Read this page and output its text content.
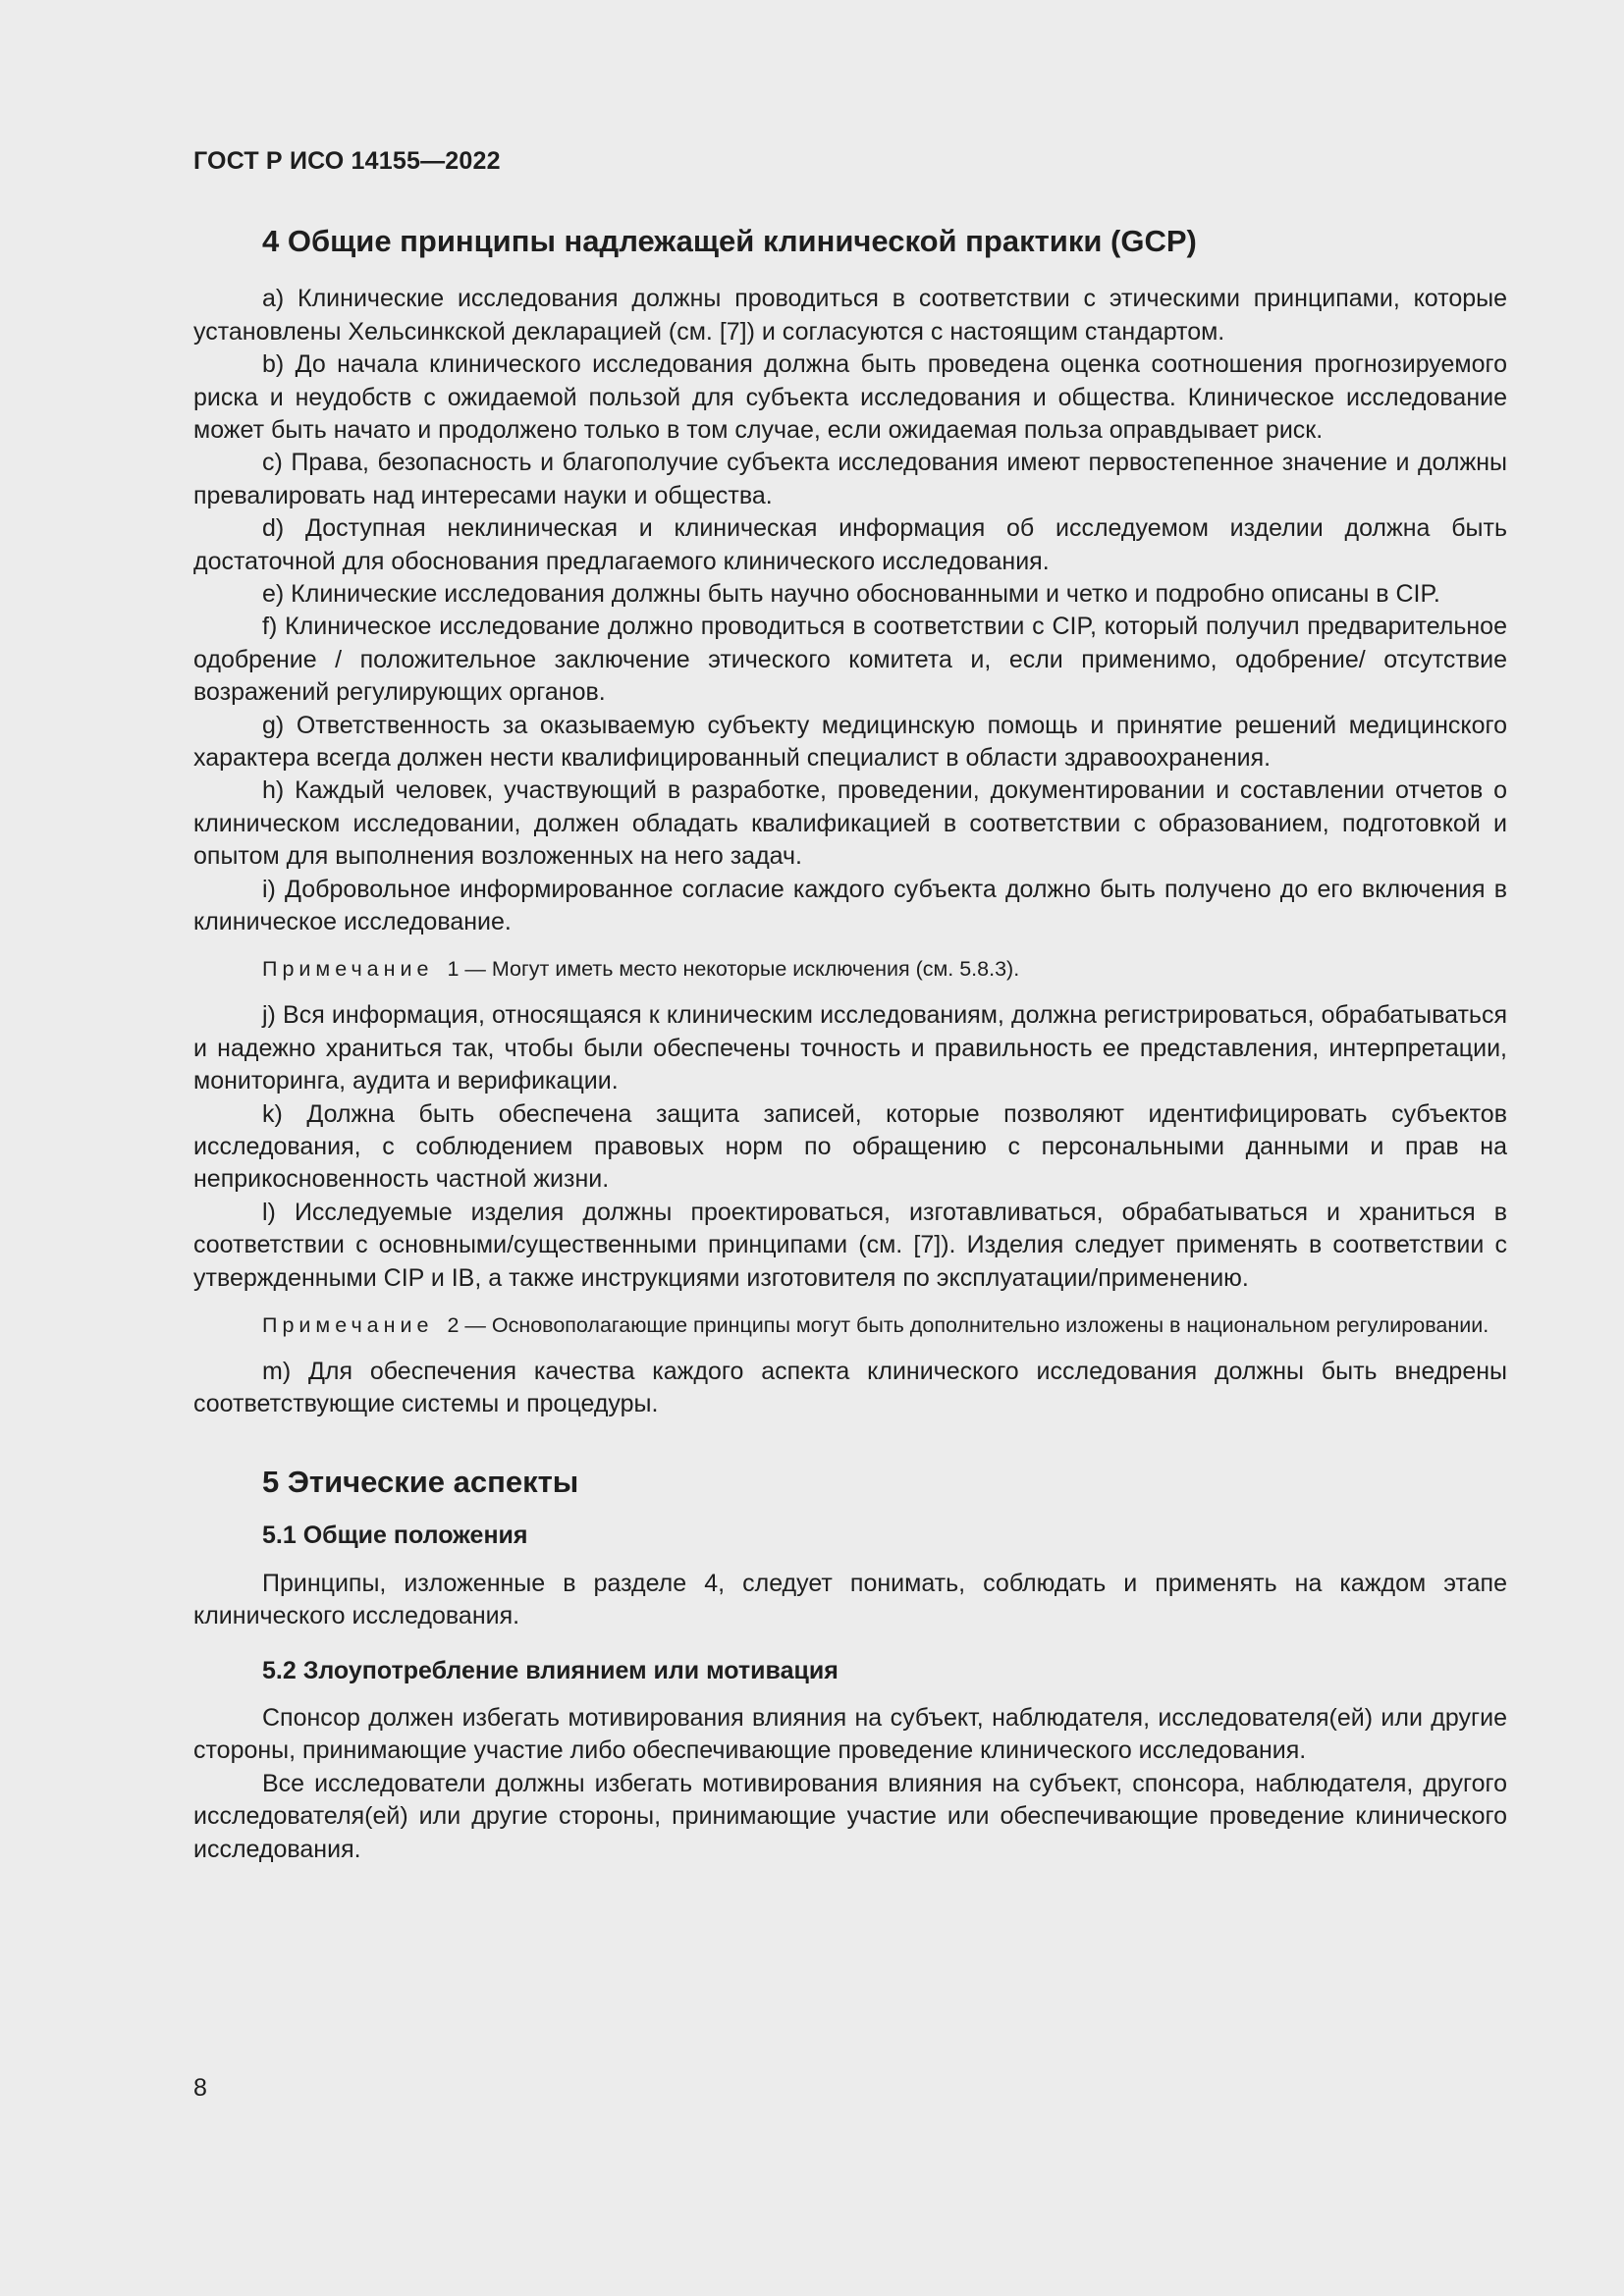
ГОСТ Р ИСО 14155—2022
4 Общие принципы надлежащей клинической практики (GCP)

a) Клинические исследования должны проводиться в соответствии с этическими принципами, которые установлены Хельсинкской декларацией (см. [7]) и согласуются с настоящим стандартом.

b) До начала клинического исследования должна быть проведена оценка соотношения прогнозируемого риска и неудобств с ожидаемой пользой для субъекта исследования и общества. Клиническое исследование может быть начато и продолжено только в том случае, если ожидаемая польза оправдывает риск.

c) Права, безопасность и благополучие субъекта исследования имеют первостепенное значение и должны превалировать над интересами науки и общества.

d) Доступная неклиническая и клиническая информация об исследуемом изделии должна быть достаточной для обоснования предлагаемого клинического исследования.

e) Клинические исследования должны быть научно обоснованными и четко и подробно описаны в CIP.

f) Клиническое исследование должно проводиться в соответствии с CIP, который получил предварительное одобрение / положительное заключение этического комитета и, если применимо, одобрение/ отсутствие возражений регулирующих органов.

g) Ответственность за оказываемую субъекту медицинскую помощь и принятие решений медицинского характера всегда должен нести квалифицированный специалист в области здравоохранения.

h) Каждый человек, участвующий в разработке, проведении, документировании и составлении отчетов о клиническом исследовании, должен обладать квалификацией в соответствии с образованием, подготовкой и опытом для выполнения возложенных на него задач.

i) Добровольное информированное согласие каждого субъекта должно быть получено до его включения в клиническое исследование.

Примечание 1 — Могут иметь место некоторые исключения (см. 5.8.3).

j) Вся информация, относящаяся к клиническим исследованиям, должна регистрироваться, обрабатываться и надежно храниться так, чтобы были обеспечены точность и правильность ее представления, интерпретации, мониторинга, аудита и верификации.

k) Должна быть обеспечена защита записей, которые позволяют идентифицировать субъектов исследования, с соблюдением правовых норм по обращению с персональными данными и прав на неприкосновенность частной жизни.

l) Исследуемые изделия должны проектироваться, изготавливаться, обрабатываться и храниться в соответствии с основными/существенными принципами (см. [7]). Изделия следует применять в соответствии с утвержденными CIP и IB, а также инструкциями изготовителя по эксплуатации/применению.

Примечание 2 — Основополагающие принципы могут быть дополнительно изложены в национальном регулировании.

m) Для обеспечения качества каждого аспекта клинического исследования должны быть внедрены соответствующие системы и процедуры.

5 Этические аспекты
5.1 Общие положения

Принципы, изложенные в разделе 4, следует понимать, соблюдать и применять на каждом этапе клинического исследования.

5.2 Злоупотребление влиянием или мотивация

Спонсор должен избегать мотивирования влияния на субъект, наблюдателя, исследователя(ей) или другие стороны, принимающие участие либо обеспечивающие проведение клинического исследования.

Все исследователи должны избегать мотивирования влияния на субъект, спонсора, наблюдателя, другого исследователя(ей) или другие стороны, принимающие участие или обеспечивающие проведение клинического исследования.

8
